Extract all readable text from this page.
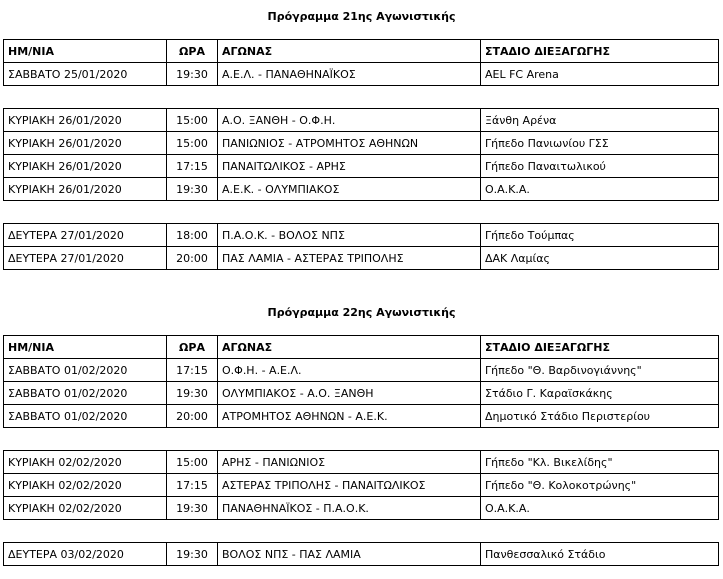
Πρόγραμμα 21ης Αγωνιστικής
ΗΜ/ΝΙΑ	ΩΡΑ	ΑΓΩΝΑΣ	ΣΤΑΔΙΟ ΔΙΕΞΑΓΩΓΗΣ
ΣΑΒΒΑΤΟ 25/01/2020	19:30	Α.Ε.Λ. - ΠΑΝΑΘΗΝΑΪΚΟΣ	AEL FC Arena

ΚΥΡΙΑΚΗ 26/01/2020	15:00	Α.Ο. ΞΑΝΘΗ - Ο.Φ.Η.	Ξάνθη Αρένα
ΚΥΡΙΑΚΗ 26/01/2020	15:00	ΠΑΝΙΩΝΙΟΣ - ΑΤΡΟΜΗΤΟΣ ΑΘΗΝΩΝ	Γήπεδο Πανιωνίου ΓΣΣ
ΚΥΡΙΑΚΗ 26/01/2020	17:15	ΠΑΝΑΙΤΩΛΙΚΟΣ - ΑΡΗΣ	Γήπεδο Παναιτωλικού
ΚΥΡΙΑΚΗ 26/01/2020	19:30	Α.Ε.Κ. - ΟΛΥΜΠΙΑΚΟΣ	Ο.Α.Κ.Α.

ΔΕΥΤΕΡΑ 27/01/2020	18:00	Π.Α.Ο.Κ. - ΒΟΛΟΣ ΝΠΣ	Γήπεδο Τούμπας
ΔΕΥΤΕΡΑ 27/01/2020	20:00	ΠΑΣ ΛΑΜΙΑ - ΑΣΤΕΡΑΣ ΤΡΙΠΟΛΗΣ	ΔΑΚ Λαμίας
Πρόγραμμα 22ης Αγωνιστικής
ΗΜ/ΝΙΑ	ΩΡΑ	ΑΓΩΝΑΣ	ΣΤΑΔΙΟ ΔΙΕΞΑΓΩΓΗΣ
ΣΑΒΒΑΤΟ 01/02/2020	17:15	Ο.Φ.Η. - Α.Ε.Λ.	Γήπεδο "Θ. Βαρδινογιάννης"
ΣΑΒΒΑΤΟ 01/02/2020	19:30	ΟΛΥΜΠΙΑΚΟΣ - Α.Ο. ΞΑΝΘΗ	Στάδιο Γ. Καραϊσκάκης
ΣΑΒΒΑΤΟ 01/02/2020	20:00	ΑΤΡΟΜΗΤΟΣ ΑΘΗΝΩΝ - Α.Ε.Κ.	Δημοτικό Στάδιο Περιστερίου

ΚΥΡΙΑΚΗ 02/02/2020	15:00	ΑΡΗΣ - ΠΑΝΙΩΝΙΟΣ	Γήπεδο "Κλ. Βικελίδης"
ΚΥΡΙΑΚΗ 02/02/2020	17:15	ΑΣΤΕΡΑΣ ΤΡΙΠΟΛΗΣ - ΠΑΝΑΙΤΩΛΙΚΟΣ	Γήπεδο "Θ. Κολοκοτρώνης"
ΚΥΡΙΑΚΗ 02/02/2020	19:30	ΠΑΝΑΘΗΝΑΪΚΟΣ - Π.Α.Ο.Κ.	Ο.Α.Κ.Α.

ΔΕΥΤΕΡΑ 03/02/2020	19:30	ΒΟΛΟΣ ΝΠΣ - ΠΑΣ ΛΑΜΙΑ	Πανθεσσαλικό Στάδιο
